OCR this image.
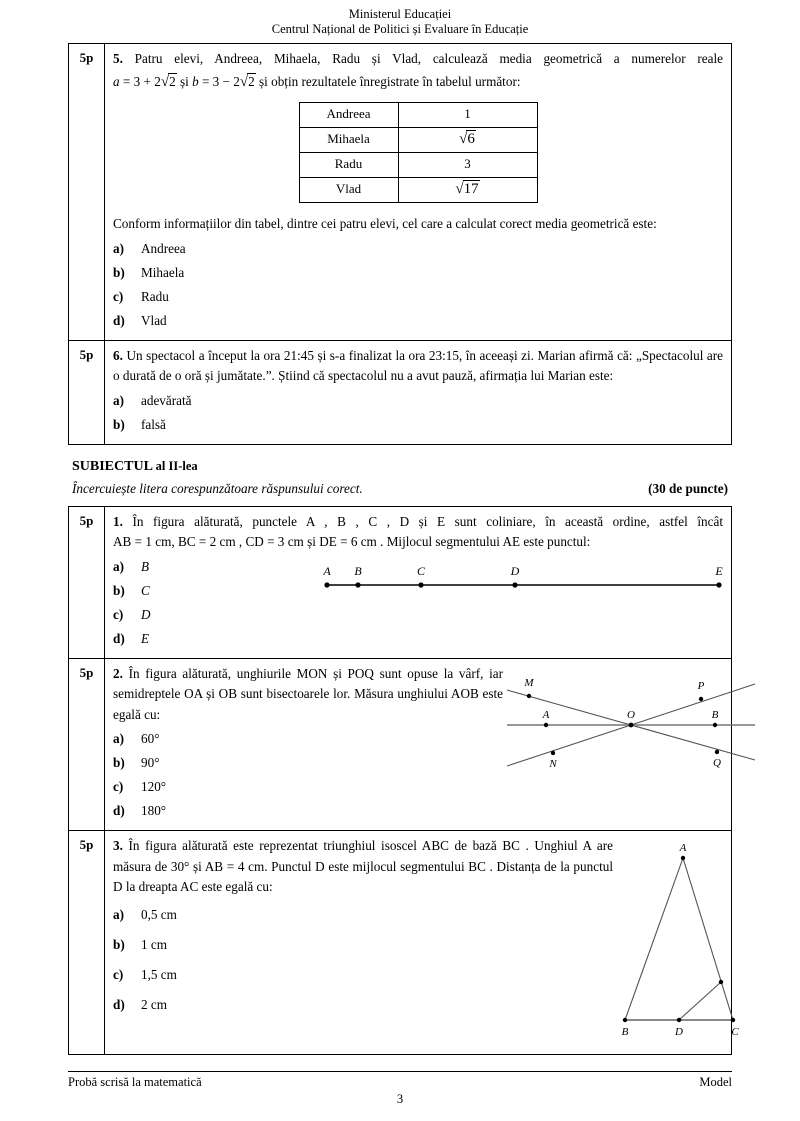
Ministerul Educației
Centrul Național de Politici și Evaluare în Educație
5p	5. Patru elevi, Andreea, Mihaela, Radu și Vlad, calculează media geometrică a numerelor reale
a = 3 + 2√2 și b = 3 − 2√2 și obțin rezultatele înregistrate în tabelul următor:
Andreea	1
Mihaela	√6
Radu	3
Vlad	√17
Conform informațiilor din tabel, dintre cei patru elevi, cel care a calculat corect media geometrică este:
a)	Andreea
b)	Mihaela
c)	Radu
d)	Vlad

5p	6. Un spectacol a început la ora 21:45 și s-a finalizat la ora 23:15, în aceeași zi. Marian afirmă că: „Spectacolul are o durată de o oră și jumătate.”. Știind că spectacolul nu a avut pauză, afirmația lui Marian este:
a)	adevărată
b)	falsă
SUBIECTUL al II-lea
Încercuiește litera corespunzătoare răspunsului corect.	(30 de puncte)
5p	1. În figura alăturată, punctele A , B , C , D și E sunt coliniare, în această ordine, astfel încât
AB = 1 cm, BC = 2 cm , CD = 3 cm și DE = 6 cm . Mijlocul segmentului AE este punctul:
a)	B
b)	C
c)	D
d)	E
A B	C	D	E

5p	2. În figura alăturată, unghiurile MON și POQ sunt opuse la vârf, iar semidreptele OA și OB sunt bisectoarele lor. Măsura unghiului AOB este egală cu:
a)	60°
b)	90°
c)	120°
d)	180°
M	P
A	O	B
N	Q

5p	3. În figura alăturată este reprezentat triunghiul isoscel ABC de bază BC . Unghiul A are măsura de 30° și AB = 4 cm. Punctul D este mijlocul segmentului BC . Distanța de la punctul D la dreapta AC este egală cu:
a)	0,5 cm
b)	1 cm
c)	1,5 cm
d)	2 cm
A
B	D	C
Probă scrisă la matematică	Model
3
